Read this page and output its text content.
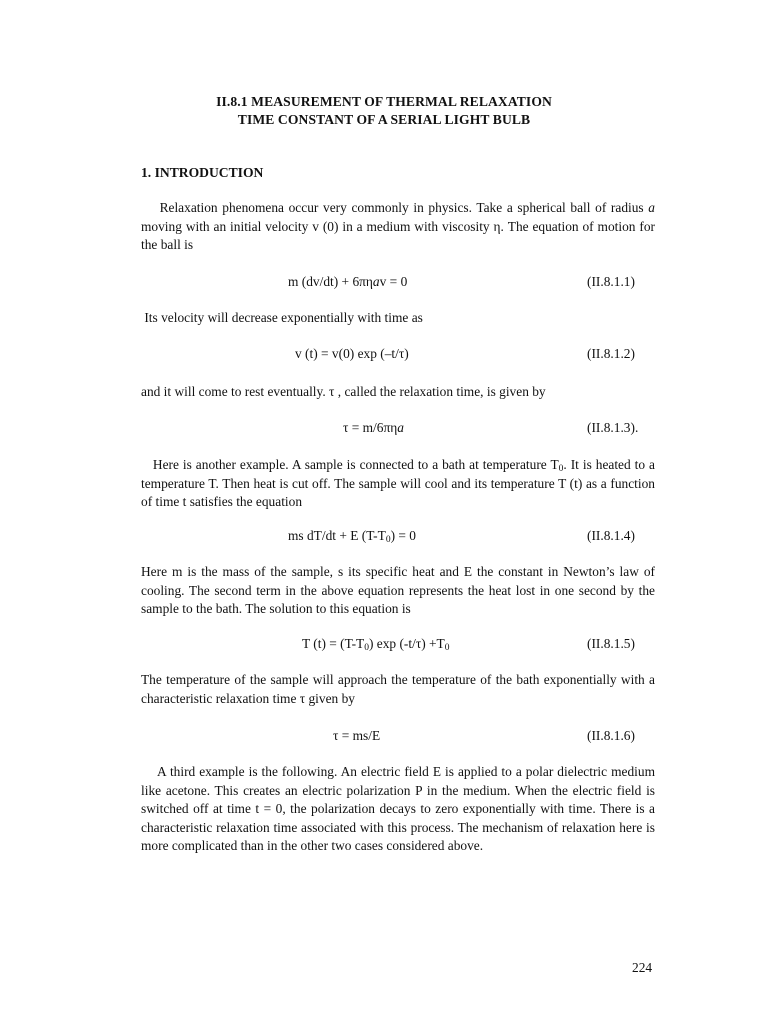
II.8.1 MEASUREMENT OF THERMAL RELAXATION
TIME CONSTANT OF A SERIAL LIGHT BULB
1. INTRODUCTION
Relaxation phenomena occur very commonly in physics. Take a spherical ball of radius a moving with an initial velocity v (0) in a medium with viscosity η. The equation of motion for the ball is
m (dv/dt) + 6πηav = 0	(II.8.1.1)
Its velocity will decrease exponentially with time as
v (t) = v(0) exp (–t/τ)	(II.8.1.2)
and it will come to rest eventually. τ , called the relaxation time, is given by
τ = m/6πηa	(II.8.1.3).
Here is another example. A sample is connected to a bath at temperature $T_0$. It is heated to a temperature T. Then heat is cut off. The sample will cool and its temperature T (t) as a function of time t satisfies the equation
ms dT/dt + E $(T-T_0) = 0$	(II.8.1.4)
Here m is the mass of the sample, s its specific heat and E the constant in Newton’s law of cooling. The second term in the above equation represents the heat lost in one second by the sample to the bath. The solution to this equation is
T $(t) = (T-T_0)$ $\exp (-t/\tau) +T_0$	(II.8.1.5)
The temperature of the sample will approach the temperature of the bath exponentially with a characteristic relaxation time τ given by
τ = ms/E	(II.8.1.6)
A third example is the following. An electric field E is applied to a polar dielectric medium like acetone. This creates an electric polarization P in the medium. When the electric field is switched off at time t = 0, the polarization decays to zero exponentially with time. There is a characteristic relaxation time associated with this process. The mechanism of relaxation here is more complicated than in the other two cases considered above.
224
